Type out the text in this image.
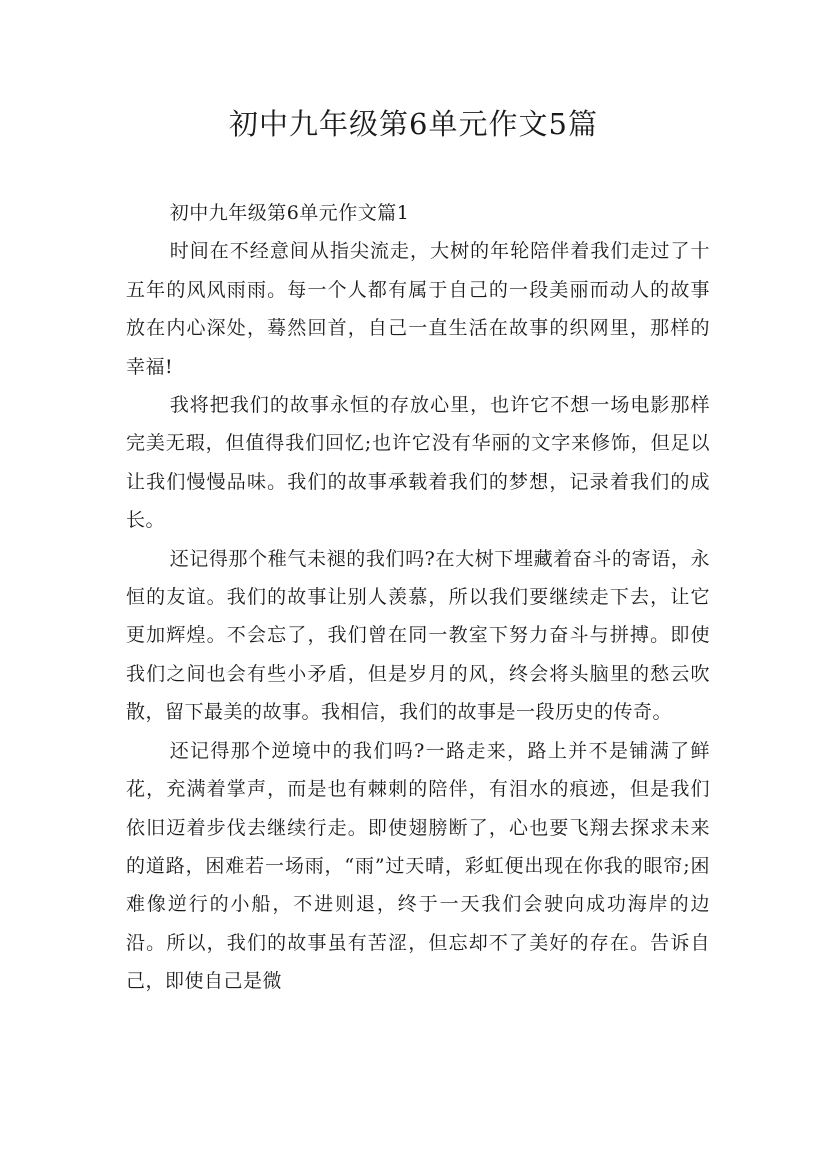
初中九年级第6单元作文5篇

初中九年级第6单元作文篇1

时间在不经意间从指尖流走，大树的年轮陪伴着我们走过了十五年的风风雨雨。每一个人都有属于自己的一段美丽而动人的故事放在内心深处，蓦然回首，自己一直生活在故事的织网里，那样的幸福!

我将把我们的故事永恒的存放心里，也许它不想一场电影那样完美无瑕，但值得我们回忆;也许它没有华丽的文字来修饰，但足以让我们慢慢品味。我们的故事承载着我们的梦想，记录着我们的成长。

还记得那个稚气未褪的我们吗?在大树下埋藏着奋斗的寄语，永恒的友谊。我们的故事让别人羡慕，所以我们要继续走下去，让它更加辉煌。不会忘了，我们曾在同一教室下努力奋斗与拼搏。即使我们之间也会有些小矛盾，但是岁月的风，终会将头脑里的愁云吹散，留下最美的故事。我相信，我们的故事是一段历史的传奇。

还记得那个逆境中的我们吗?一路走来，路上并不是铺满了鲜花，充满着掌声，而是也有棘刺的陪伴，有泪水的痕迹，但是我们依旧迈着步伐去继续行走。即使翅膀断了，心也要飞翔去探求未来的道路，困难若一场雨，“雨”过天晴，彩虹便出现在你我的眼帘;困难像逆行的小船，不进则退，终于一天我们会驶向成功海岸的边沿。所以，我们的故事虽有苦涩，但忘却不了美好的存在。告诉自己，即使自己是微
